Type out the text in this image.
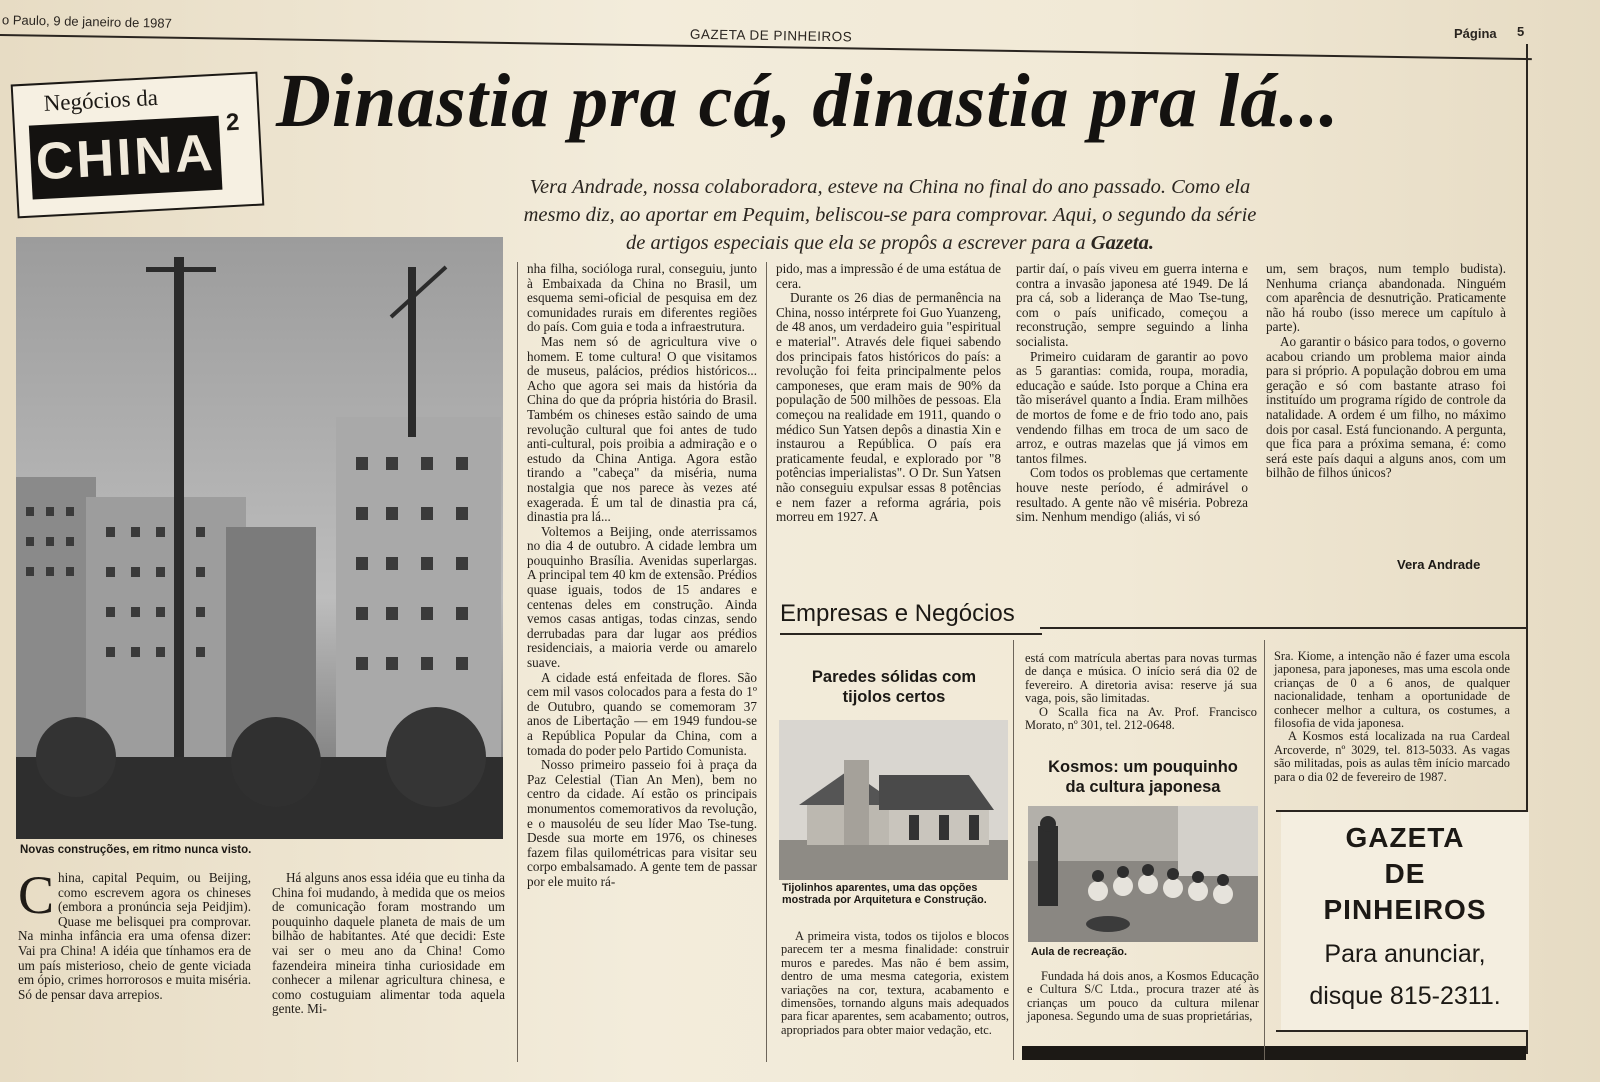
o Paulo, 9 de janeiro de 1987
GAZETA DE PINHEIROS	Página 5
Negócios da
CHINA
2 Dinastia pra cá, dinastia pra lá...
Vera Andrade, nossa colaboradora, esteve na China no final do ano passado. Como ela
mesmo diz, ao aportar em Pequim, beliscou-se para comprovar. Aqui, o segundo da série
de artigos especiais que ela se propôs a escrever para a Gazeta.
Novas construções, em ritmo nunca visto.

China, capital Pequim, ou Beijing, como escrevem agora os chineses (embora a pronúncia seja Peidjim). Quase me belisquei pra comprovar. Na minha infância era uma ofensa dizer: Vai pra China! A idéia que tínhamos era de um país misterioso, cheio de gente viciada em ópio, crimes horrorosos e muita miséria. Só de pensar dava arrepios.

Há alguns anos essa idéia que eu tinha da China foi mudando, à medida que os meios de comunicação foram mostrando um pouquinho daquele planeta de mais de um bilhão de habitantes. Até que decidi: Este vai ser o meu ano da China! Como fazendeira mineira tinha curiosidade em conhecer a milenar agricultura chinesa, e como costuguiam alimentar toda aquela gente. Mi-

nha filha, socióloga rural, conseguiu, junto à Embaixada da China no Brasil, um esquema semi-oficial de pesquisa em dez comunidades rurais em diferentes regiões do país. Com guia e toda a infraestrutura.

Mas nem só de agricultura vive o homem. E tome cultura! O que visitamos de museus, palácios, prédios históricos... Acho que agora sei mais da história da China do que da própria história do Brasil. Também os chineses estão saindo de uma revolução cultural que foi antes de tudo anti-cultural, pois proibia a admiração e o estudo da China Antiga. Agora estão tirando a "cabeça" da miséria, numa nostalgia que nos parece às vezes até exagerada. É um tal de dinastia pra cá, dinastia pra lá...

Voltemos a Beijing, onde aterrissamos no dia 4 de outubro. A cidade lembra um pouquinho Brasília. Avenidas superlargas. A principal tem 40 km de extensão. Prédios quase iguais, todos de 15 andares e centenas deles em construção. Ainda vemos casas antigas, todas cinzas, sendo derrubadas para dar lugar aos prédios residenciais, a maioria verde ou amarelo suave.

A cidade está enfeitada de flores. São cem mil vasos colocados para a festa do 1º de Outubro, quando se comemoram 37 anos de Libertação — em 1949 fundou-se a República Popular da China, com a tomada do poder pelo Partido Comunista.

Nosso primeiro passeio foi à praça da Paz Celestial (Tian An Men), bem no centro da cidade. Aí estão os principais monumentos comemorativos da revolução, e o mausoléu de seu líder Mao Tse-tung. Desde sua morte em 1976, os chineses fazem filas quilométricas para visitar seu corpo embalsamado. A gente tem de passar por ele muito rá-

pido, mas a impressão é de uma estátua de cera.

Durante os 26 dias de permanência na China, nosso intérprete foi Guo Yuanzeng, de 48 anos, um verdadeiro guia "espiritual e material". Através dele fiquei sabendo dos principais fatos históricos do país: a revolução foi feita principalmente pelos camponeses, que eram mais de 90% da população de 500 milhões de pessoas. Ela começou na realidade em 1911, quando o médico Sun Yatsen depôs a dinastia Xin e instaurou a República. O país era praticamente feudal, e explorado por "8 potências imperialistas". O Dr. Sun Yatsen não conseguiu expulsar essas 8 potências e nem fazer a reforma agrária, pois morreu em 1927. A

partir daí, o país viveu em guerra interna e contra a invasão japonesa até 1949. De lá pra cá, sob a liderança de Mao Tse-tung, com o país unificado, começou a reconstrução, sempre seguindo a linha socialista.

Primeiro cuidaram de garantir ao povo as 5 garantias: comida, roupa, moradia, educação e saúde. Isto porque a China era tão miserável quanto a Índia. Eram milhões de mortos de fome e de frio todo ano, pais vendendo filhas em troca de um saco de arroz, e outras mazelas que já vimos em tantos filmes.

Com todos os problemas que certamente houve neste período, é admirável o resultado. A gente não vê miséria. Pobreza sim. Nenhum mendigo (aliás, vi só

um, sem braços, num templo budista). Nenhuma criança abandonada. Ninguém com aparência de desnutrição. Praticamente não há roubo (isso merece um capítulo à parte).

Ao garantir o básico para todos, o governo acabou criando um problema maior ainda para si próprio. A população dobrou em uma geração e só com bastante atraso foi instituído um programa rígido de controle da natalidade. A ordem é um filho, no máximo dois por casal. Está funcionando. A pergunta, que fica para a próxima semana, é: como será este país daqui a alguns anos, com um bilhão de filhos únicos?

Vera Andrade
Empresas e Negócios
Paredes sólidas com
tijolos certos
Tijolinhos aparentes, uma das opções mostrada por Arquitetura e Construção.

A primeira vista, todos os tijolos e blocos parecem ter a mesma finalidade: construir muros e paredes. Mas não é bem assim, dentro de uma mesma categoria, existem variações na cor, textura, acabamento e dimensões, tornando alguns mais adequados para ficar aparentes, sem acabamento; outros, apropriados para obter maior vedação, etc.

está com matrícula abertas para novas turmas de dança e música. O início será dia 02 de fevereiro. A diretoria avisa: reserve já sua vaga, pois, são limitadas.

O Scalla fica na Av. Prof. Francisco Morato, nº 301, tel. 212-0648.

Kosmos: um pouquinho
da cultura japonesa
Aula de recreação.

Fundada há dois anos, a Kosmos Educação e Cultura S/C Ltda., procura trazer até às crianças um pouco da cultura milenar japonesa. Segundo uma de suas proprietárias,

Sra. Kiome, a intenção não é fazer uma escola japonesa, para japoneses, mas uma escola onde crianças de 0 a 6 anos, de qualquer nacionalidade, tenham a oportunidade de conhecer melhor a cultura, os costumes, a filosofia de vida japonesa.

A Kosmos está localizada na rua Cardeal Arcoverde, nº 3029, tel. 813-5033. As vagas são militadas, pois as aulas têm início marcado para o dia 02 de fevereiro de 1987.

GAZETA
DE
PINHEIROS
Para anunciar,
disque 815-2311.
